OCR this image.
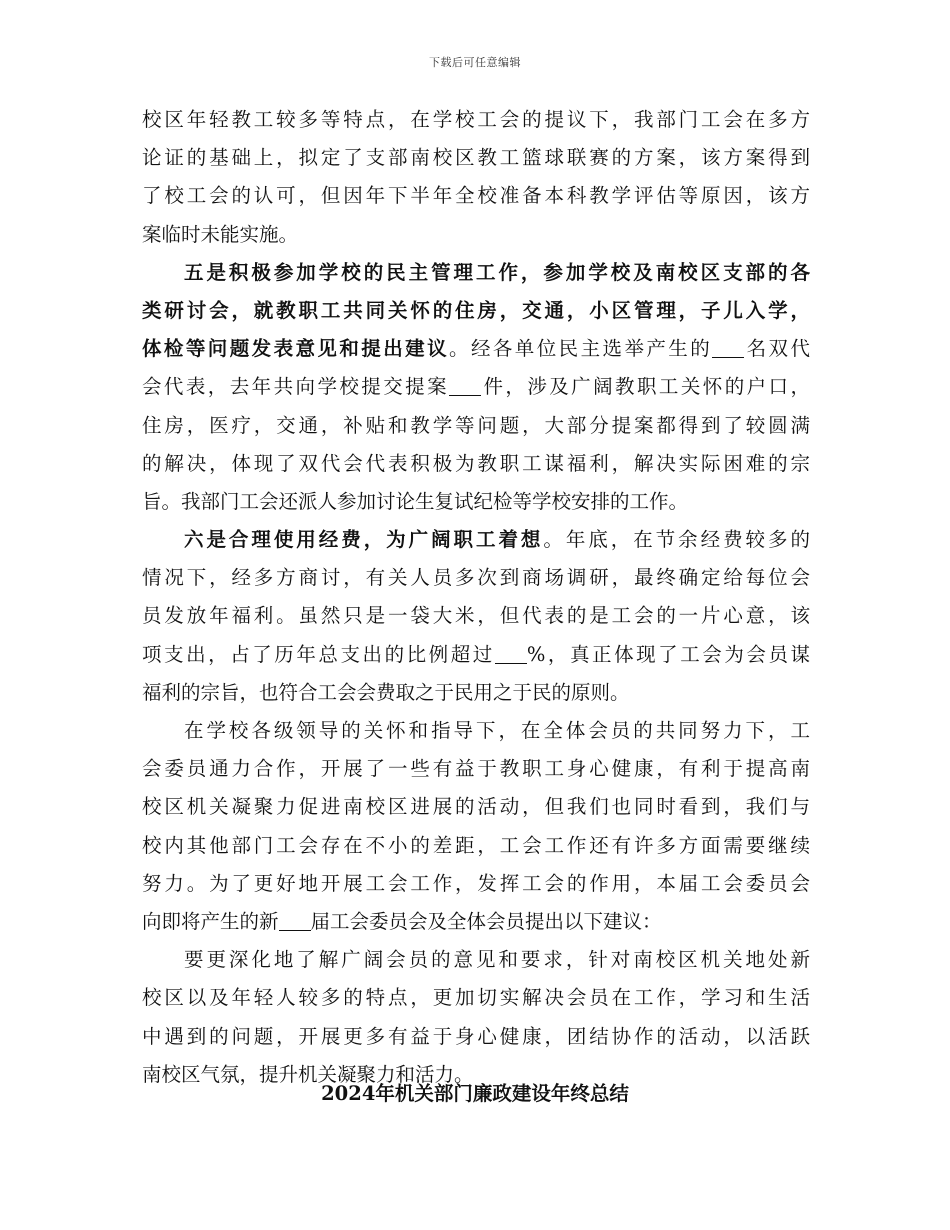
下载后可任意编辑
校区年轻教工较多等特点，在学校工会的提议下，我部门工会在多方
论证的基础上，拟定了支部南校区教工篮球联赛的方案，该方案得到
了校工会的认可，但因年下半年全校准备本科教学评估等原因，该方
案临时未能实施。
五是积极参加学校的民主管理工作，参加学校及南校区支部的各
类研讨会，就教职工共同关怀的住房，交通，小区管理，子儿入学，
体检等问题发表意见和提出建议。经各单位民主选举产生的 名双代
会代表，去年共向学校提交提案 件，涉及广阔教职工关怀的户口，
住房，医疗，交通，补贴和教学等问题，大部分提案都得到了较圆满
的解决，体现了双代会代表积极为教职工谋福利，解决实际困难的宗
旨。我部门工会还派人参加讨论生复试纪检等学校安排的工作。
六是合理使用经费，为广阔职工着想。年底，在节余经费较多的
情况下，经多方商讨，有关人员多次到商场调研，最终确定给每位会
员发放年福利。虽然只是一袋大米，但代表的是工会的一片心意，该
项支出，占了历年总支出的比例超过 %，真正体现了工会为会员谋
福利的宗旨，也符合工会会费取之于民用之于民的原则。
在学校各级领导的关怀和指导下，在全体会员的共同努力下，工
会委员通力合作，开展了一些有益于教职工身心健康，有利于提高南
校区机关凝聚力促进南校区进展的活动，但我们也同时看到，我们与
校内其他部门工会存在不小的差距，工会工作还有许多方面需要继续
努力。为了更好地开展工会工作，发挥工会的作用，本届工会委员会
向即将产生的新 届工会委员会及全体会员提出以下建议：
要更深化地了解广阔会员的意见和要求，针对南校区机关地处新
校区以及年轻人较多的特点，更加切实解决会员在工作，学习和生活
中遇到的问题，开展更多有益于身心健康，团结协作的活动，以活跃
南校区气氛，提升机关凝聚力和活力。
2024年机关部门廉政建设年终总结
